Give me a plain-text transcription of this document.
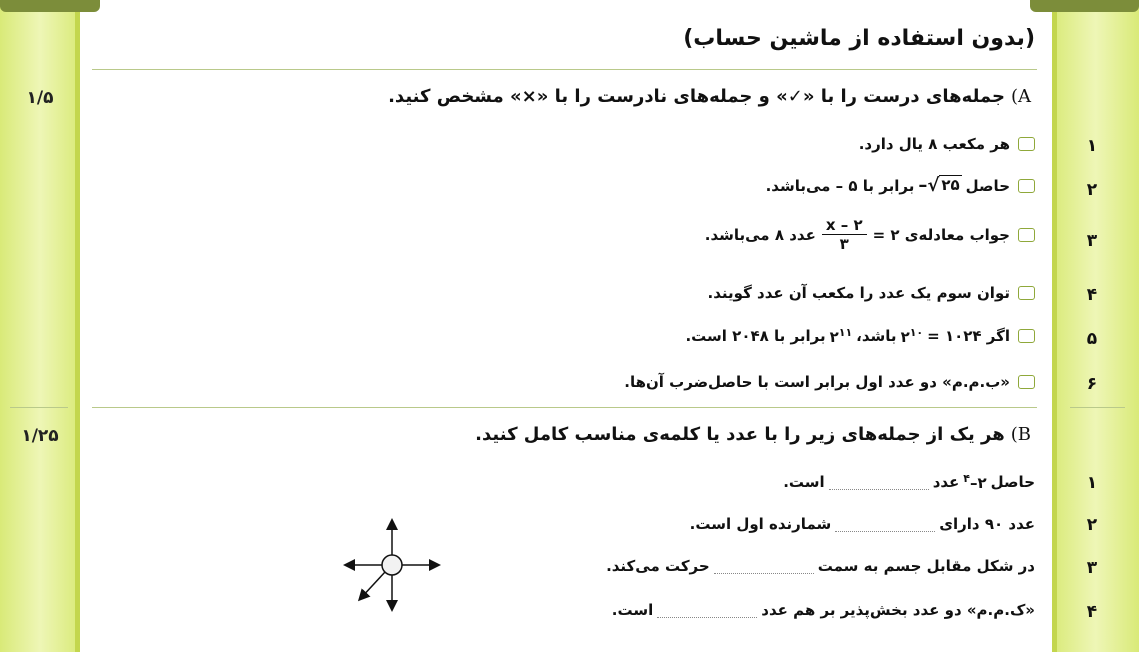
(بدون استفاده از ماشین حساب)
۱/۵	A)جمله‌های درست را با «✓» و جمله‌های نادرست را با «×» مشخص کنید.
۱
هر مکعب ۸ یال دارد.
۲
حاصل
۲۵
√–
برابر با ۵ – می‌باشد.
۳
جواب معادله‌ی ۲ =
$\frac{x - ۲}{۳}$
عدد ۸ می‌باشد.
۴
توان سوم یک عدد را مکعب آن عدد گویند.
۵
اگر ۱۰۲۴ =
$۲^{۱۰}$
باشد،
$۲^{۱۱}$
برابر با ۲۰۴۸ است.
۶
«ب.م.م» دو عدد اول برابر است با حاصل‌ضرب آن‌ها.
۱/۲۵	B)هر یک از جمله‌های زیر را با عدد یا کلمه‌ی مناسب کامل کنید.
۱
حاصل
۲–$^۴$
عدد
است.
۲
عدد ۹۰ دارای
شمارنده اول است.
۳
در شکل مقابل جسم به سمت
حرکت می‌کند.
۴
«ک.م.م» دو عدد بخش‌پذیر بر هم عدد
است.
